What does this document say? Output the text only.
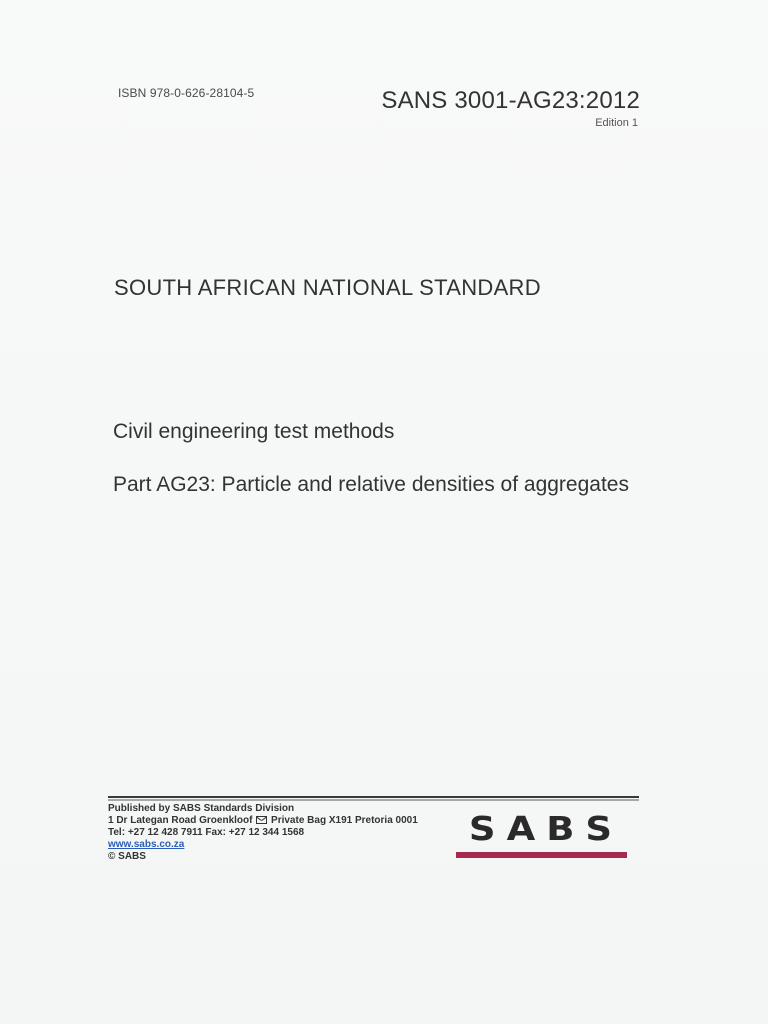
ISBN 978-0-626-28104-5	SANS 3001-AG23:2012
Edition 1
SOUTH AFRICAN NATIONAL STANDARD
Civil engineering test methods
Part AG23: Particle and relative densities of aggregates
Published by SABS Standards Division
1 Dr Lategan Road Groenkloof Private Bag X191 Pretoria 0001
Tel: +27 12 428 7911 Fax: +27 12 344 1568
www.sabs.co.za
© SABS
SABS
